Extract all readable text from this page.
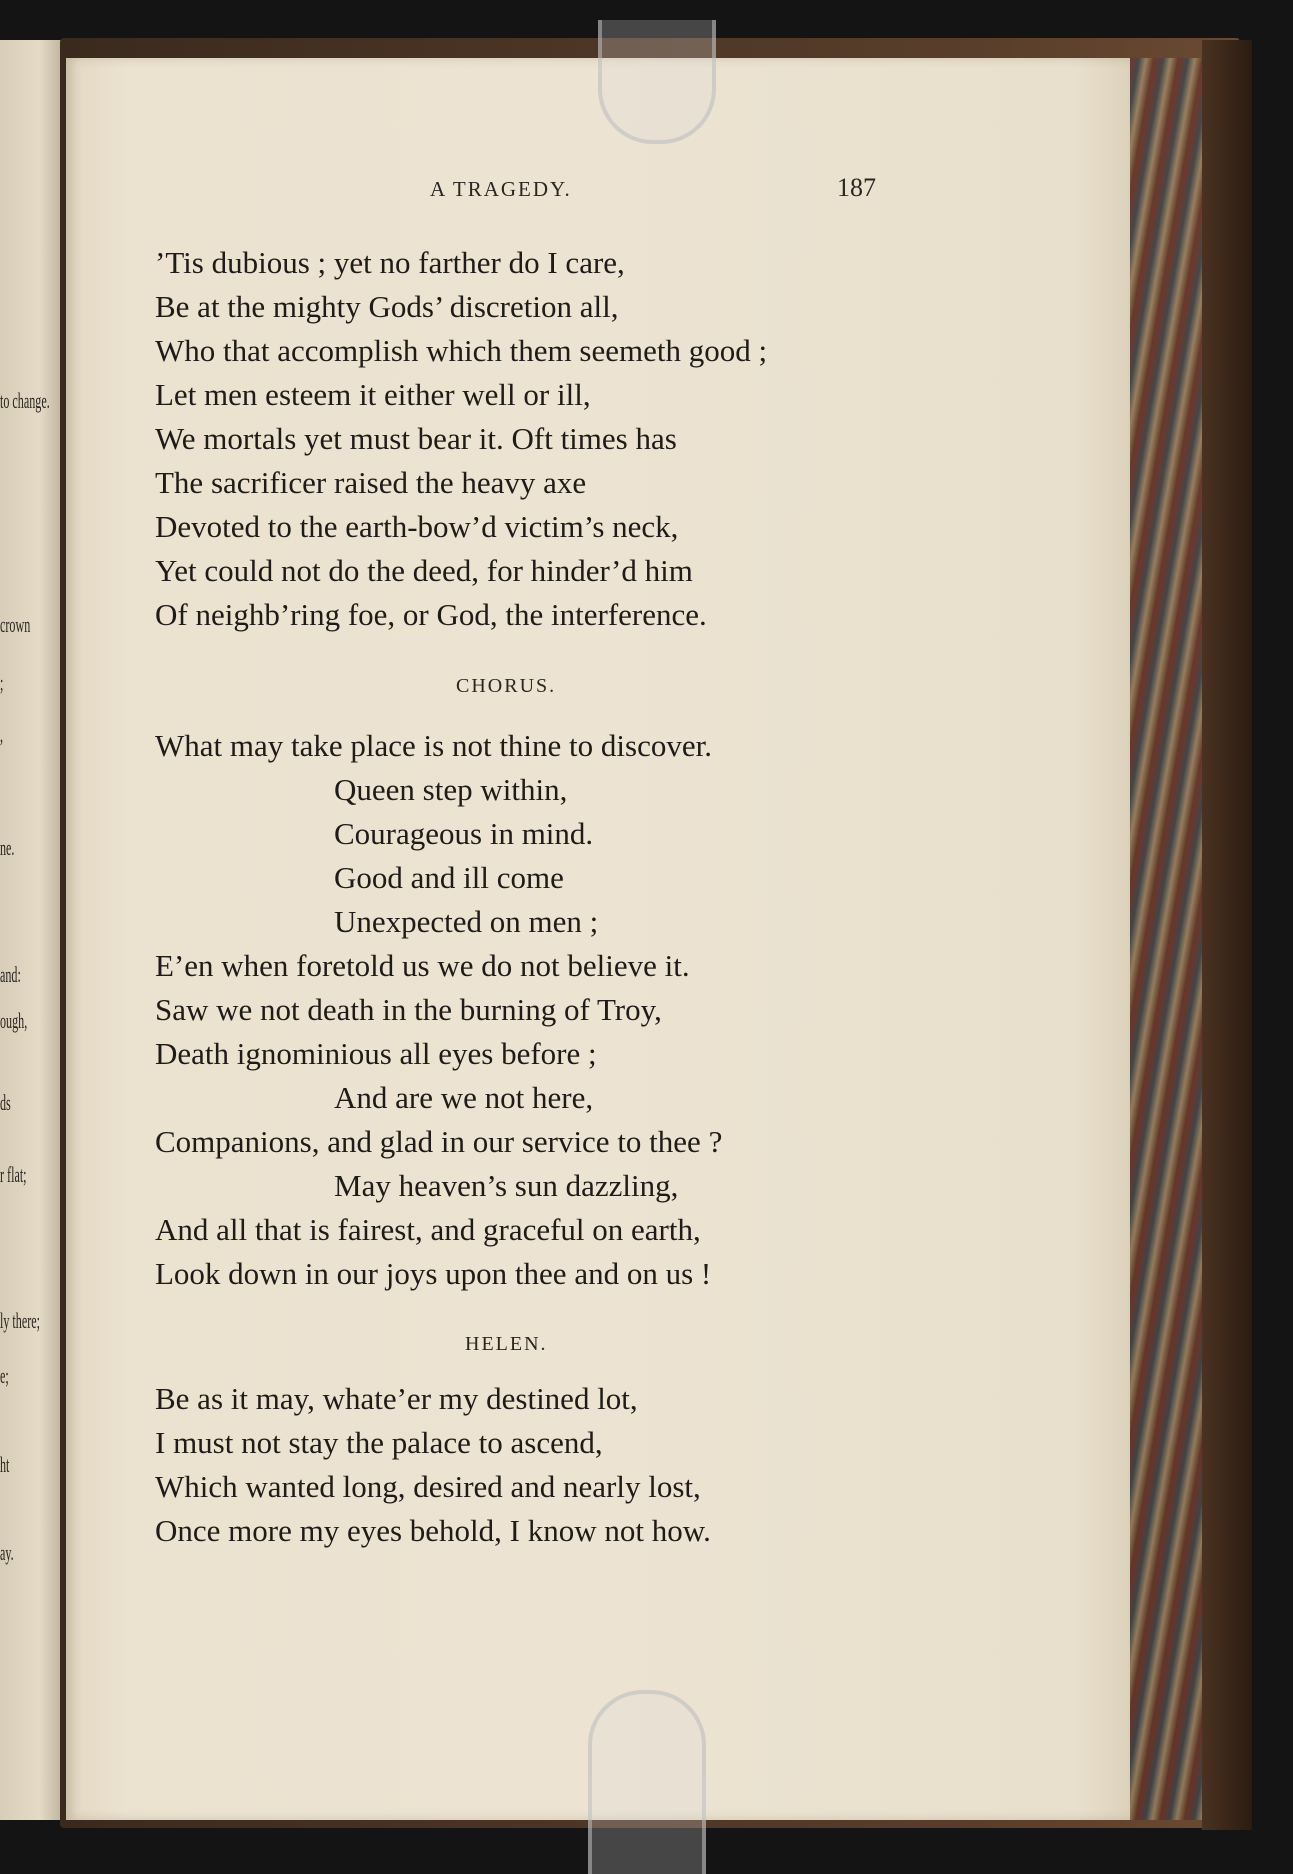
to change.
crown
;
,
ne.
and:
ough,
ds
r flat;
ly there;
e;
ht
ay.
A TRAGEDY.	187
’Tis dubious ; yet no farther do I care,
Be at the mighty Gods’ discretion all,
Who that accomplish which them seemeth good ;
Let men esteem it either well or ill,
We mortals yet must bear it. Oft times has
The sacrificer raised the heavy axe
Devoted to the earth-bow’d victim’s neck,
Yet could not do the deed, for hinder’d him
Of neighb’ring foe, or God, the interference.
CHORUS.
What may take place is not thine to discover.
Queen step within,
Courageous in mind.
Good and ill come
Unexpected on men ;
E’en when foretold us we do not believe it.
Saw we not death in the burning of Troy,
Death ignominious all eyes before ;
And are we not here,
Companions, and glad in our service to thee ?
May heaven’s sun dazzling,
And all that is fairest, and graceful on earth,
Look down in our joys upon thee and on us !
HELEN.
Be as it may, whate’er my destined lot,
I must not stay the palace to ascend,
Which wanted long, desired and nearly lost,
Once more my eyes behold, I know not how.
